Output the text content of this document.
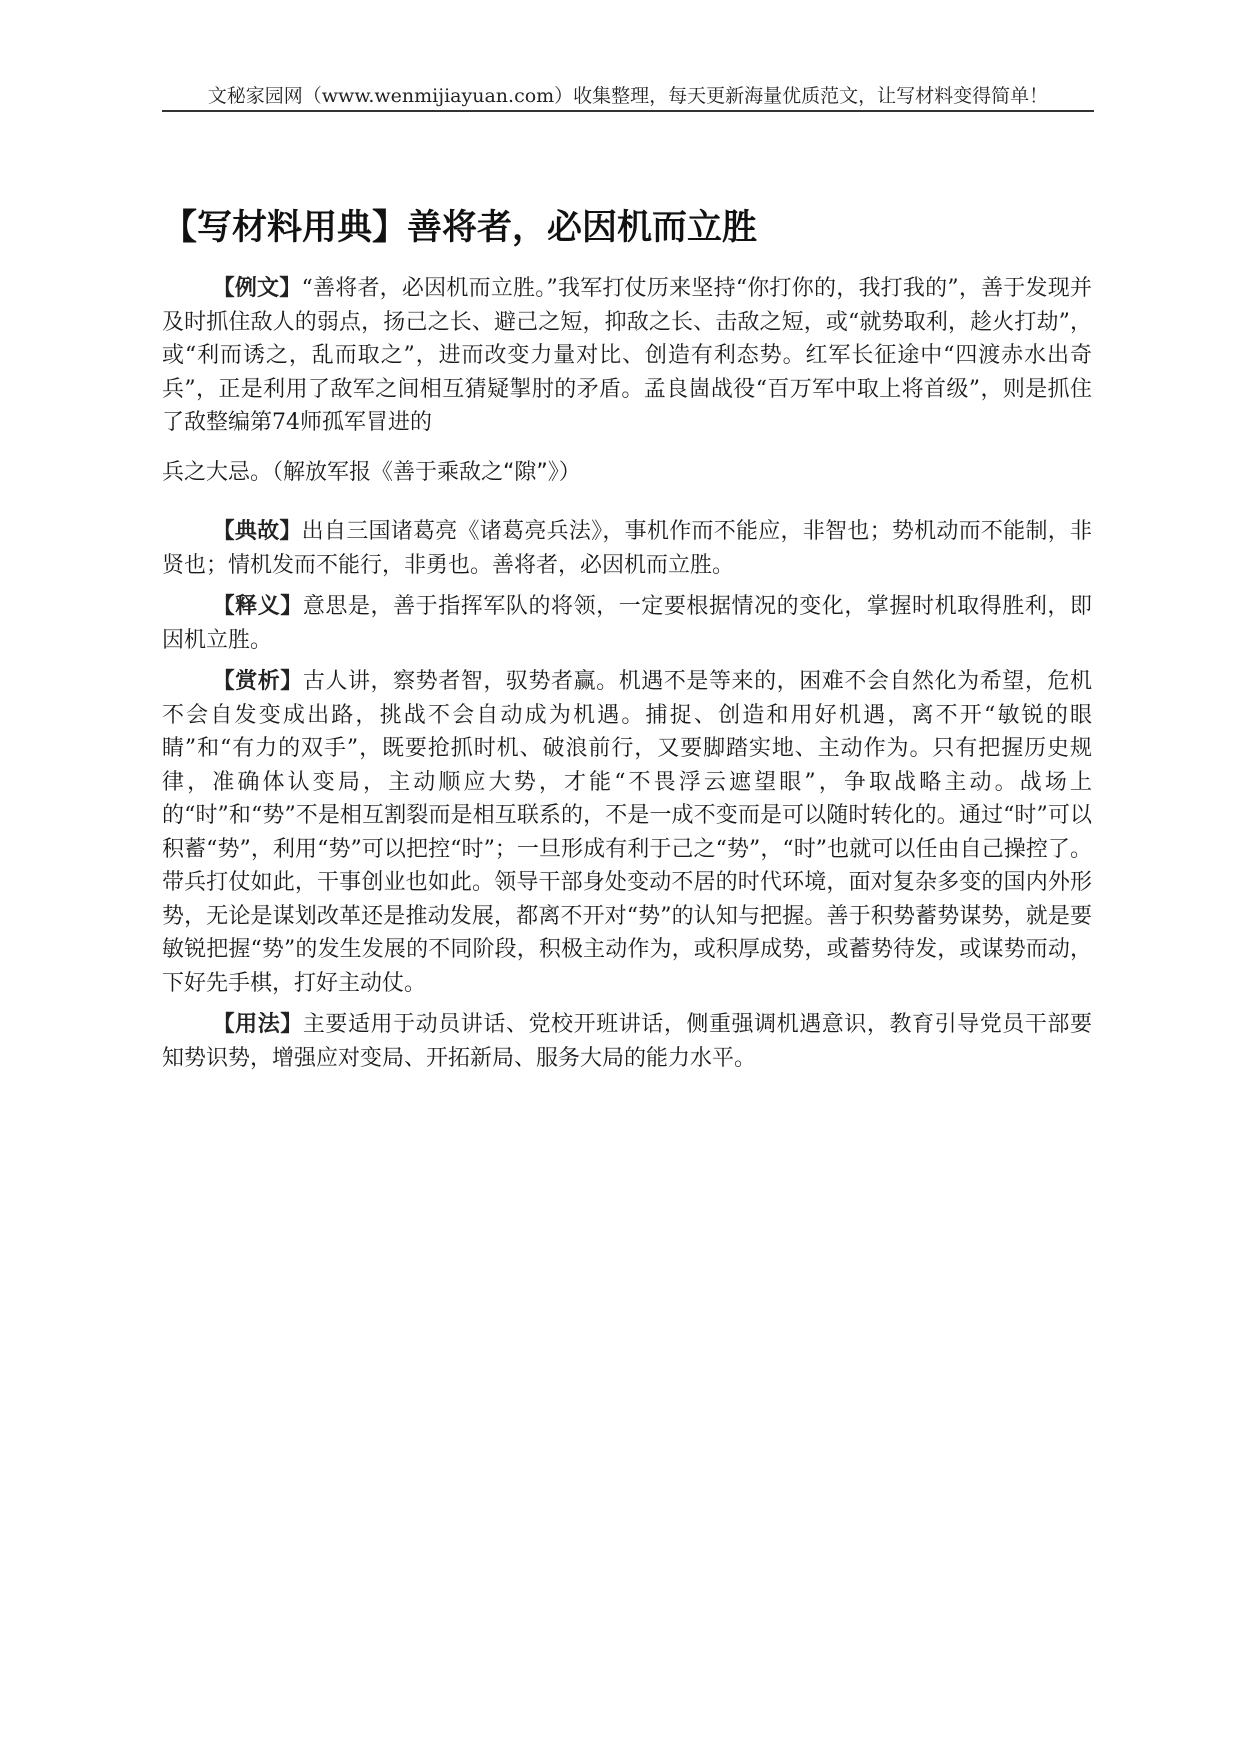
文秘家园网（www.wenmijiayuan.com）收集整理，每天更新海量优质范文，让写材料变得简单！
【写材料用典】善将者，必因机而立胜

【例文】“善将者，必因机而立胜。”我军打仗历来坚持“你打你的，我打我的”，善于发现并及时抓住敌人的弱点，扬己之长、避己之短，抑敌之长、击敌之短，或“就势取利，趁火打劫”，或“利而诱之，乱而取之”，进而改变力量对比、创造有利态势。红军长征途中“四渡赤水出奇兵”，正是利用了敌军之间相互猜疑掣肘的矛盾。孟良崮战役“百万军中取上将首级”，则是抓住了敌整编第74师孤军冒进的
兵之大忌。（解放军报《善于乘敌之“隙”》）

【典故】出自三国诸葛亮《诸葛亮兵法》，事机作而不能应，非智也；势机动而不能制，非贤也；情机发而不能行，非勇也。善将者，必因机而立胜。

【释义】意思是，善于指挥军队的将领，一定要根据情况的变化，掌握时机取得胜利，即因机立胜。

【赏析】古人讲，察势者智，驭势者赢。机遇不是等来的，困难不会自然化为希望，危机不会自发变成出路，挑战不会自动成为机遇。捕捉、创造和用好机遇，离不开“敏锐的眼睛”和“有力的双手”，既要抢抓时机、破浪前行，又要脚踏实地、主动作为。只有把握历史规律，准确体认变局，主动顺应大势，才能“不畏浮云遮望眼”，争取战略主动。战场上的“时”和“势”不是相互割裂而是相互联系的，不是一成不变而是可以随时转化的。通过“时”可以积蓄“势”，利用“势”可以把控“时”；一旦形成有利于己之“势”，“时”也就可以任由自己操控了。带兵打仗如此，干事创业也如此。领导干部身处变动不居的时代环境，面对复杂多变的国内外形势，无论是谋划改革还是推动发展，都离不开对“势”的认知与把握。善于积势蓄势谋势，就是要敏锐把握“势”的发生发展的不同阶段，积极主动作为，或积厚成势，或蓄势待发，或谋势而动，下好先手棋，打好主动仗。

【用法】主要适用于动员讲话、党校开班讲话，侧重强调机遇意识，教育引导党员干部要知势识势，增强应对变局、开拓新局、服务大局的能力水平。
